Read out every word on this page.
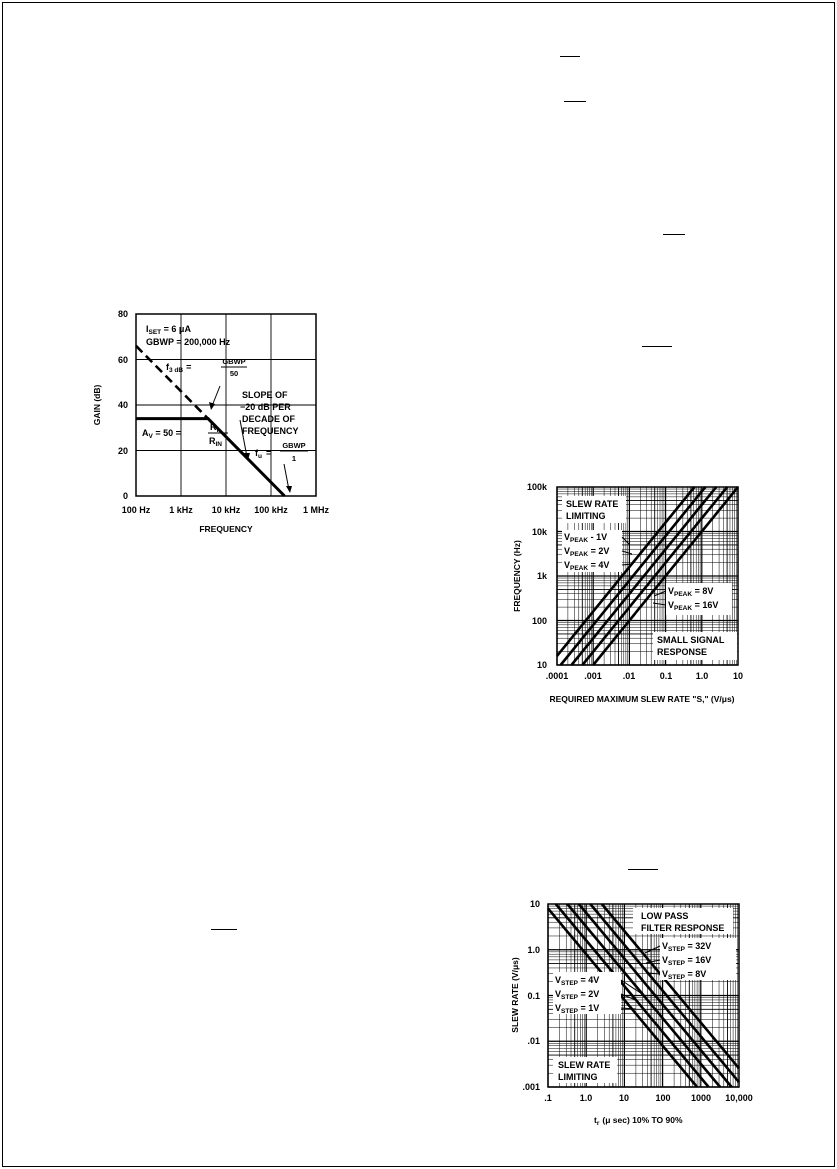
100 Hz 1 kHz 10 kHz 100 kHz 1 MHz
0
20
40
60
80
FREQUENCY
GAIN (dB)
$I_{SET} = 6$ μA
GBWP = 200,000 Hz
$f_{3 dB}$ =
GBWP
50
SLOPE OF
−20 dB PER
DECADE OF
FREQUENCY
$A_V = 50$ =
$R_f$
$R_{IN}$
$f_u$ =
GBWP
1
SLEW RATE
LIMITING
SMALL SIGNAL
RESPONSE
$V_{PEAK} - 1V$
$V_{PEAK} = 2V$
$V_{PEAK} = 4V$
$V_{PEAK} = 8V$
$V_{PEAK} = 16V$
.0001 .001 .01	0.1	1.0	10
10
100
1k
10k
100k
REQUIRED MAXIMUM SLEW RATE "S," (V/μs)
FREQUENCY (Hz)
LOW PASS
FILTER RESPONSE
SLEW RATE
LIMITING
$V_{STEP} = 32V$
$V_{STEP} = 16V$
$V_{STEP} = 8V$
$V_{STEP} = 4V$
$V_{STEP} = 2V$
$V_{STEP} = 1V$
.1	1.0	10	100 1000 10,000
.001
.01
0.1
1.0
10
$t_r$ (μ sec) 10% TO 90%
SLEW RATE (V/μs)
